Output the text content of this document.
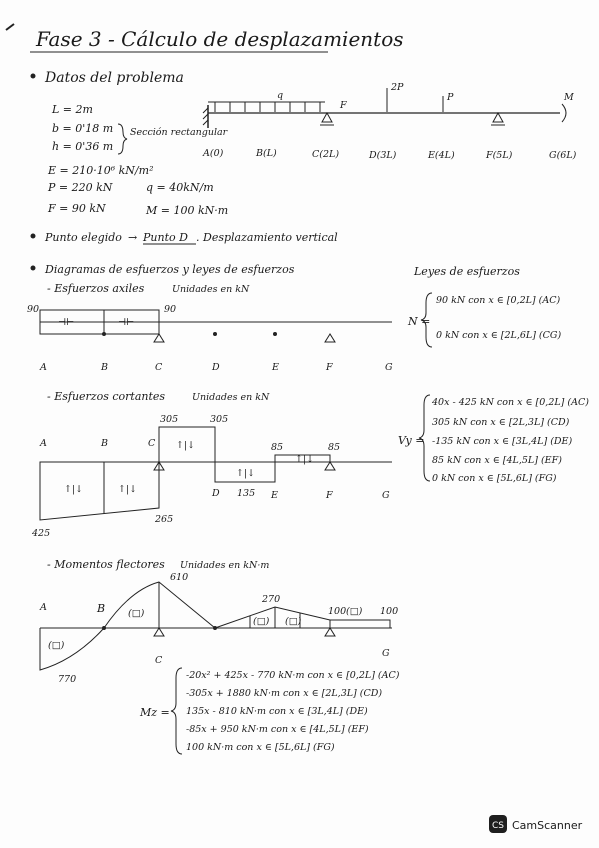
Fase 3 - Cálculo de desplazamientos
Datos del problema
L = 2m
b = 0'18 m
h = 0'36 m
Sección rectangular
E = 210·10⁶ kN/m²
P = 220 kN	q = 40kN/m
F = 90 kN	M = 100 kN·m
q
F
2P
P	M
A(0)	B(L)	C(2L)	D(3L)	E(4L)	F(5L)	G(6L)
Punto elegido → Punto D . Desplazamiento vertical
Diagramas de esfuerzos y leyes de esfuerzos	Leyes de esfuerzos
- Esfuerzos axiles	Unidades en kN
⊣⊢	⊣⊢
90	90
A	B	C	D	E	F	G
N =
90 kN con x ∈ [0,2L] (AC)
0 kN con x ∈ [2L,6L] (CG)
- Esfuerzos cortantes	Unidades en kN
↑|↓	↑|↓
↑|↓
↑|↓
↑|↓
A	B	C
305	305
85	85
135
D	E	F	G
265
425
Vy =
40x - 425 kN con x ∈ [0,2L] (AC)
305 kN con x ∈ [2L,3L] (CD)
-135 kN con x ∈ [3L,4L] (DE)
85 kN con x ∈ [4L,5L] (EF)
0 kN con x ∈ [5L,6L] (FG)
- Momentos flectores Unidades en kN·m
(□)
(□)
(□) (□)
(□)
A	B
C
G
610
270
100	100
770
Mz =
-20x² + 425x - 770 kN·m con x ∈ [0,2L] (AC)
-305x + 1880 kN·m con x ∈ [2L,3L] (CD)
135x - 810 kN·m con x ∈ [3L,4L] (DE)
-85x + 950 kN·m con x ∈ [4L,5L] (EF)
100 kN·m con x ∈ [5L,6L] (FG)
CS CamScanner
